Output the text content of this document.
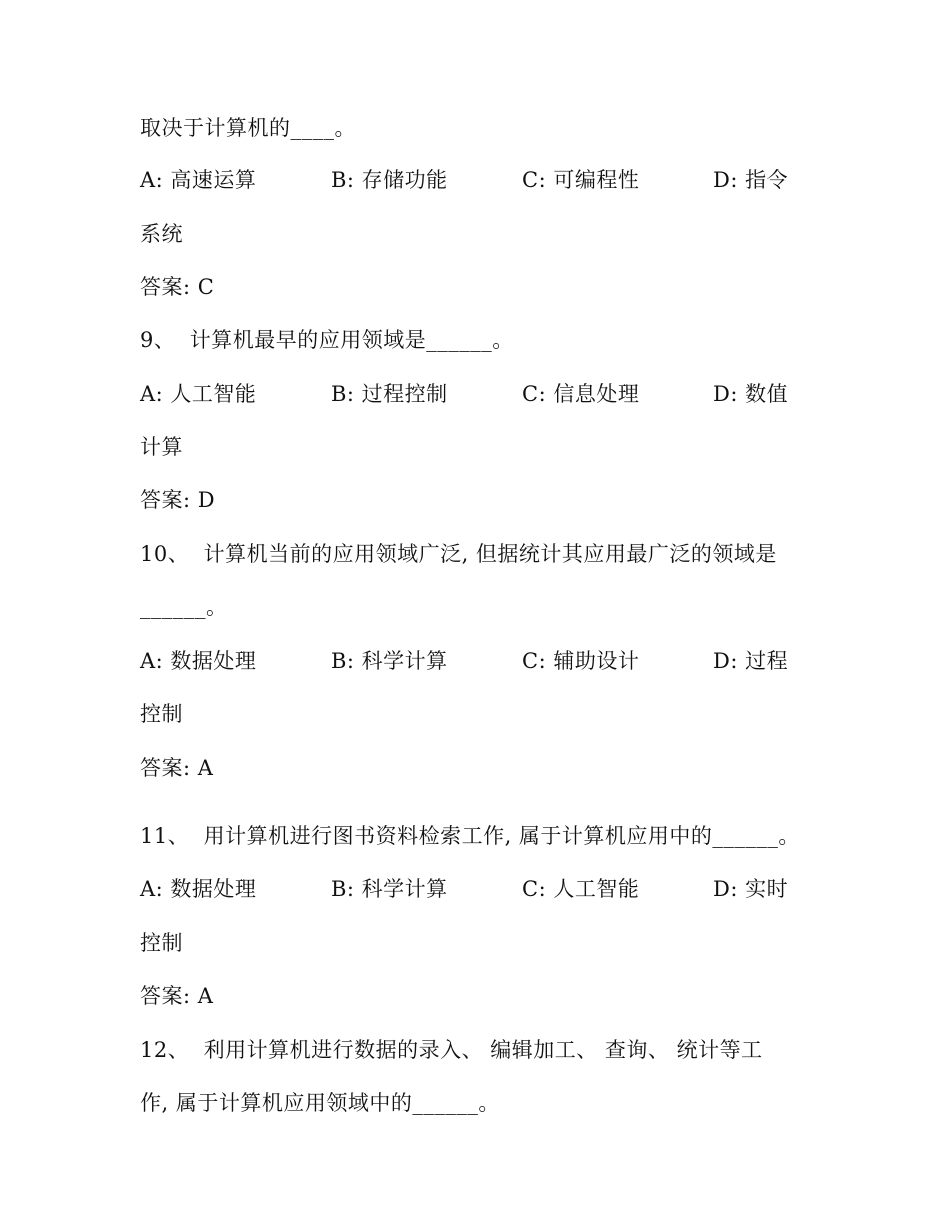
取决于计算机的____。
A: 高速运算	B: 存储功能	C: 可编程性	D: 指令
系统
答案: C
9、  计算机最早的应用领域是______。
A: 人工智能	B: 过程控制	C: 信息处理	D: 数值
计算
答案: D
10、  计算机当前的应用领域广泛, 但据统计其应用最广泛的领域是
______。
A: 数据处理	B: 科学计算	C: 辅助设计	D: 过程
控制
答案: A
11、  用计算机进行图书资料检索工作, 属于计算机应用中的______。
A: 数据处理	B: 科学计算	C: 人工智能	D: 实时
控制
答案: A
12、  利用计算机进行数据的录入、 编辑加工、 查询、 统计等工
作, 属于计算机应用领域中的______。
